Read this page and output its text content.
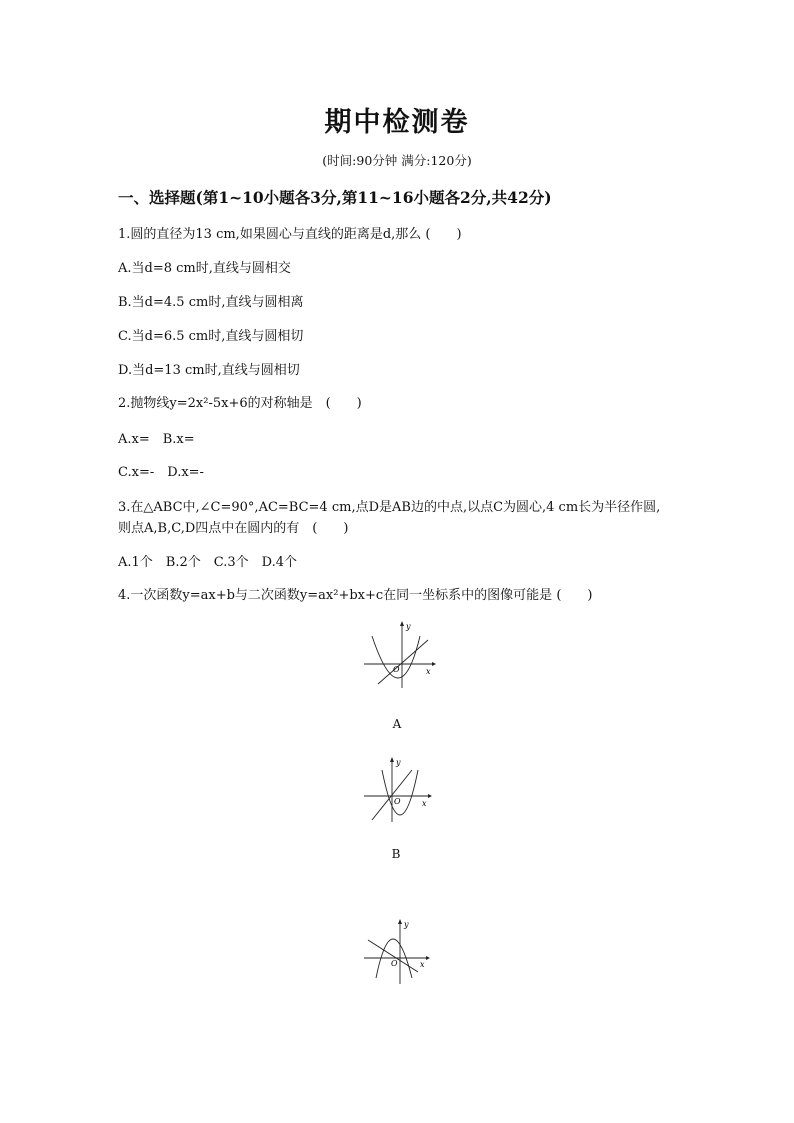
期中检测卷
(时间:90分钟 满分:120分)
一、选择题(第1~10小题各3分,第11~16小题各2分,共42分)
1.圆的直径为13 cm,如果圆心与直线的距离是d,那么 (　　)
A.当d=8 cm时,直线与圆相交
B.当d=4.5 cm时,直线与圆相离
C.当d=6.5 cm时,直线与圆相切
D.当d=13 cm时,直线与圆相切
2.抛物线y=2x²-5x+6的对称轴是　(　　)
A.x=　B.x=
C.x=-　D.x=-
3.在△ABC中,∠C=90°,AC=BC=4 cm,点D是AB边的中点,以点C为圆心,4 cm长为半径作圆,
则点A,B,C,D四点中在圆内的有　(　　)
A.1个　B.2个　C.3个　D.4个
4.一次函数y=ax+b与二次函数y=ax²+bx+c在同一坐标系中的图像可能是 (　　)
y
x
O
A
y
x
O
B
y
x
O
